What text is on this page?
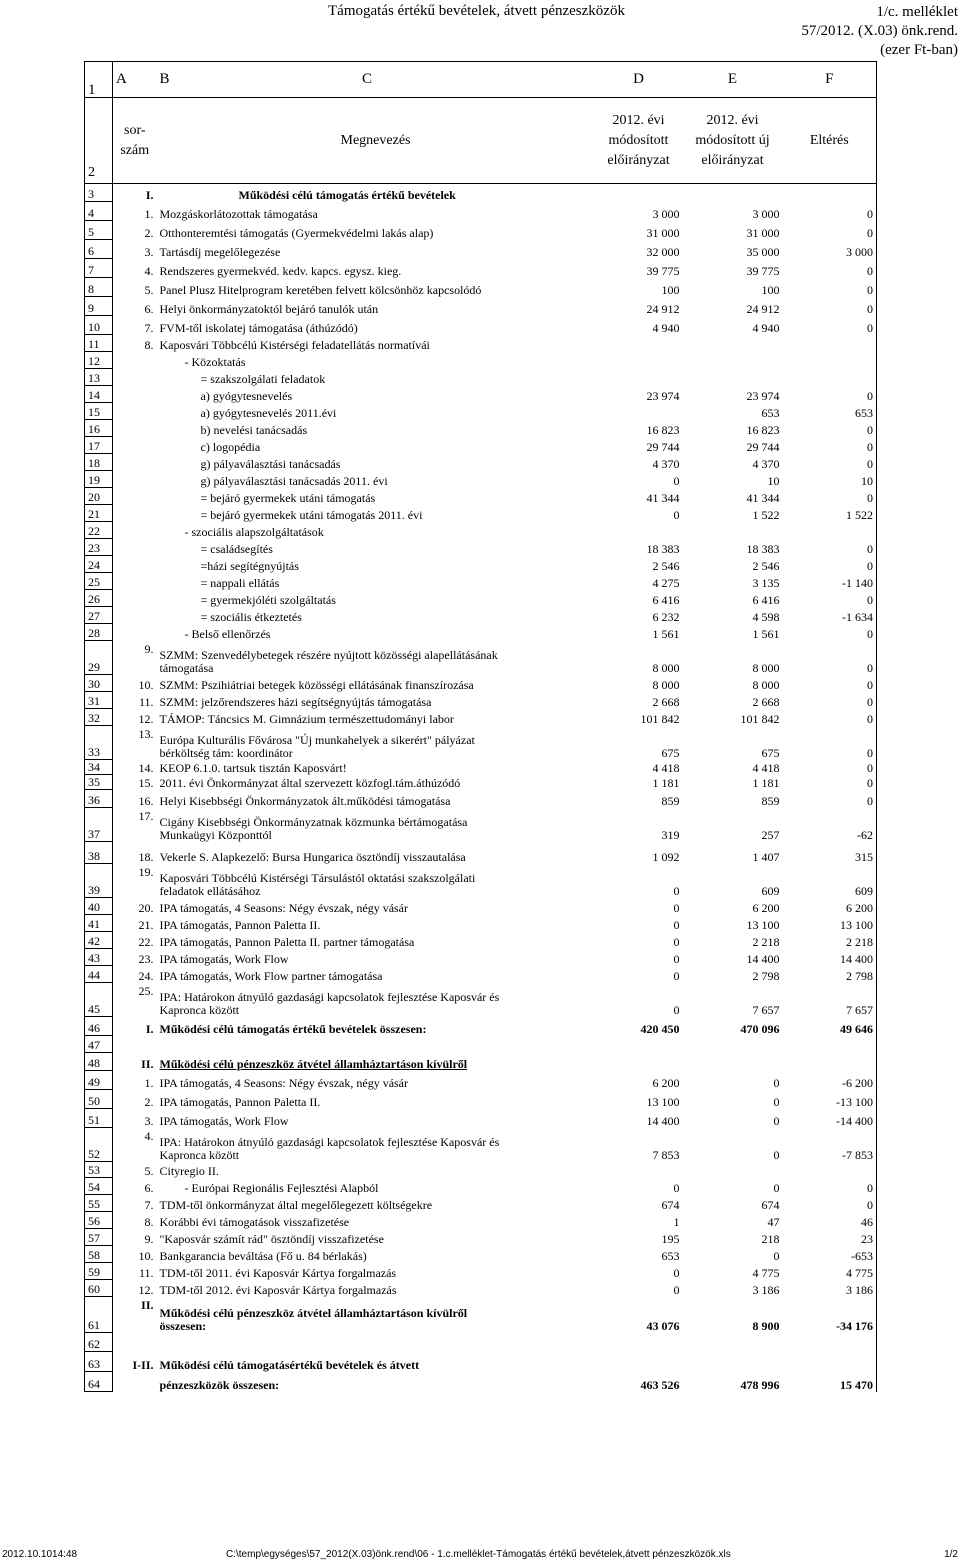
Támogatás értékű bevételek, átvett pénzeszközök	1/c. melléklet
57/2012. (X.03) önk.rend.
(ezer Ft-ban)
1	A	B C	D	E	F
2	sor- szám	Megnevezés	2012. évi módosított előirányzat	2012. évi módosított új előirányzat	Eltérés
3	I.	Működési célú támogatás értékű bevételek			
4	1.	Mozgáskorlátozottak támogatása	3 000	3 000	0
5	2.	Otthonteremtési támogatás (Gyermekvédelmi lakás alap)	31 000	31 000	0
6	3.	Tartásdíj megelőlegezése	32 000	35 000	3 000
7	4.	Rendszeres gyermekvéd. kedv. kapcs. egysz. kieg.	39 775	39 775	0
8	5.	Panel Plusz Hitelprogram keretében felvett kölcsönhöz kapcsolódó	100	100	0
9	6.	Helyi önkormányzatoktól bejáró tanulók után	24 912	24 912	0
10	7.	FVM-től iskolatej támogatása (áthúzódó)	4 940	4 940	0
11	8.	Kaposvári Többcélú Kistérségi feladatellátás normatívái			
12		- Közoktatás			
13		= szakszolgálati feladatok			
14		a) gyógytesnevelés	23 974	23 974	0
15		a) gyógytesnevelés 2011.évi		653	653
16		b) nevelési tanácsadás	16 823	16 823	0
17		c) logopédia	29 744	29 744	0
18		g) pályaválasztási tanácsadás	4 370	4 370	0
19		g) pályaválasztási tanácsadás 2011. évi	0	10	10
20		= bejáró gyermekek utáni támogatás	41 344	41 344	0
21		= bejáró gyermekek utáni támogatás 2011. évi	0	1 522	1 522
22		- szociális alapszolgáltatások			
23		= családsegítés	18 383	18 383	0
24		=házi segítégnyújtás	2 546	2 546	0
25		= nappali ellátás	4 275	3 135	-1 140
26		= gyermekjóléti szolgáltatás	6 416	6 416	0
27		= szociális étkeztetés	6 232	4 598	-1 634
28		- Belső ellenőrzés	1 561	1 561	0
29	9.	SZMM: Szenvedélybetegek részére nyújtott közösségi alapellátásának
támogatása	8 000	8 000	0
30	10.	SZMM: Pszihiátriai betegek közösségi ellátásának finanszírozása	8 000	8 000	0
31	11.	SZMM: jelzőrendszeres házi segítségnyújtás támogatása	2 668	2 668	0
32	12.	TÁMOP: Táncsics M. Gimnázium természettudományi labor	101 842	101 842	0
33	13.	Európa Kulturális Fővárosa "Új munkahelyek a sikerért" pályázat
bérköltség tám: koordinátor	675	675	0
34	14.	KEOP 6.1.0. tartsuk tisztán Kaposvárt!	4 418	4 418	0
35	15.	2011. évi Önkormányzat által szervezett közfogl.tám.áthúzódó	1 181	1 181	0
36	16.	Helyi Kisebbségi Önkormányzatok ált.működési támogatása	859	859	0
37	17.	Cigány Kisebbségi Önkormányzatnak közmunka bértámogatása
Munkaügyi Központtól	319	257	-62
38	18.	Vekerle S. Alapkezelő: Bursa Hungarica ösztöndíj visszautalása	1 092	1 407	315
39	19.	Kaposvári Többcélú Kistérségi Társulástól oktatási szakszolgálati
feladatok ellátásához	0	609	609
40	20.	IPA támogatás, 4 Seasons: Négy évszak, négy vásár	0	6 200	6 200
41	21.	IPA támogatás, Pannon Paletta II.	0	13 100	13 100
42	22.	IPA támogatás, Pannon Paletta II. partner támogatása	0	2 218	2 218
43	23.	IPA támogatás, Work Flow	0	14 400	14 400
44	24.	IPA támogatás, Work Flow partner támogatása	0	2 798	2 798
45	25.	IPA: Határokon átnyúló gazdasági kapcsolatok fejlesztése Kaposvár és
Kapronca között	0	7 657	7 657
46	I.	Működési célú támogatás értékű bevételek összesen:	420 450	470 096	49 646
47					
48	II.	Működési célú pénzeszköz átvétel államháztartáson kívülről			
49	1.	IPA támogatás, 4 Seasons: Négy évszak, négy vásár	6 200	0	-6 200
50	2.	IPA támogatás, Pannon Paletta II.	13 100	0	-13 100
51	3.	IPA támogatás, Work Flow	14 400	0	-14 400
52	4.	IPA: Határokon átnyúló gazdasági kapcsolatok fejlesztése Kaposvár és
Kapronca között	7 853	0	-7 853
53	5.	Cityregio II.			
54	6.	- Európai Regionális Fejlesztési Alapból	0	0	0
55	7.	TDM-től önkormányzat által megelőlegezett költségekre	674	674	0
56	8.	Korábbi évi támogatások visszafizetése	1	47	46
57	9.	"Kaposvár számít rád" ösztöndíj visszafizetése	195	218	23
58	10.	Bankgarancia beváltása (Fő u. 84 bérlakás)	653	0	-653
59	11.	TDM-től 2011. évi Kaposvár Kártya forgalmazás	0	4 775	4 775
60	12.	TDM-től 2012. évi Kaposvár Kártya forgalmazás	0	3 186	3 186
61	II.	Működési célú pénzeszköz átvétel államháztartáson kívülről
összesen:	43 076	8 900	-34 176
62					
63	I-II.	Működési célú támogatásértékű bevételek és átvett			
64		pénzeszközök összesen:	463 526	478 996	15 470
2012.10.1014:48	C:\temp\egységes\57_2012(X.03)önk.rend\06 - 1.c.melléklet-Támogatás értékű bevételek,átvett pénzeszközök.xls	1/2
